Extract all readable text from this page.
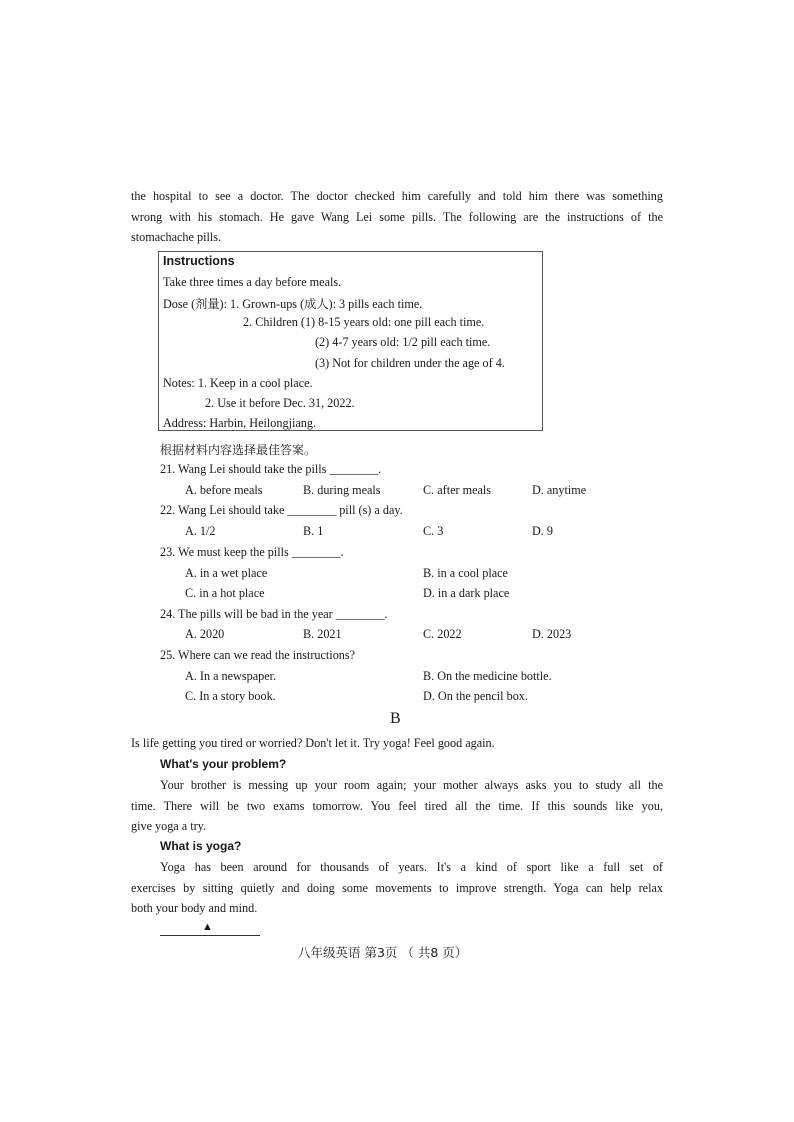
the hospital to see a doctor. The doctor checked him carefully and told him there was something
wrong with his stomach. He gave Wang Lei some pills. The following are the instructions of the
stomachache pills.
Instructions
Take three times a day before meals.
Dose (剂量): 1. Grown-ups (成人): 3 pills each time.
2. Children (1) 8-15 years old: one pill each time.
(2) 4-7 years old: 1/2 pill each time.
(3) Not for children under the age of 4.
Notes: 1. Keep in a cool place.
2. Use it before Dec. 31, 2022.
Address: Harbin, Heilongjiang.
根据材料内容选择最佳答案。
21. Wang Lei should take the pills ________.
A. before meals	B. during meals	C. after meals	D. anytime
22. Wang Lei should take ________ pill (s) a day.
A. 1/2	B. 1	C. 3	D. 9
23. We must keep the pills ________.
A. in a wet place	B. in a cool place
C. in a hot place	D. in a dark place
24. The pills will be bad in the year ________.
A. 2020	B. 2021	C. 2022	D. 2023
25. Where can we read the instructions?
A. In a newspaper.	B. On the medicine bottle.
C. In a story book.	D. On the pencil box.
B
Is life getting you tired or worried? Don't let it. Try yoga! Feel good again.
What's your problem?
Your brother is messing up your room again; your mother always asks you to study all the
time. There will be two exams tomorrow. You feel tired all the time. If this sounds like you,
give yoga a try.
What is yoga?
Yoga has been around for thousands of years. It's a kind of sport like a full set of
exercises by sitting quietly and doing some movements to improve strength. Yoga can help relax
both your body and mind.
▲
八年级英语 第3页 （ 共8 页）
